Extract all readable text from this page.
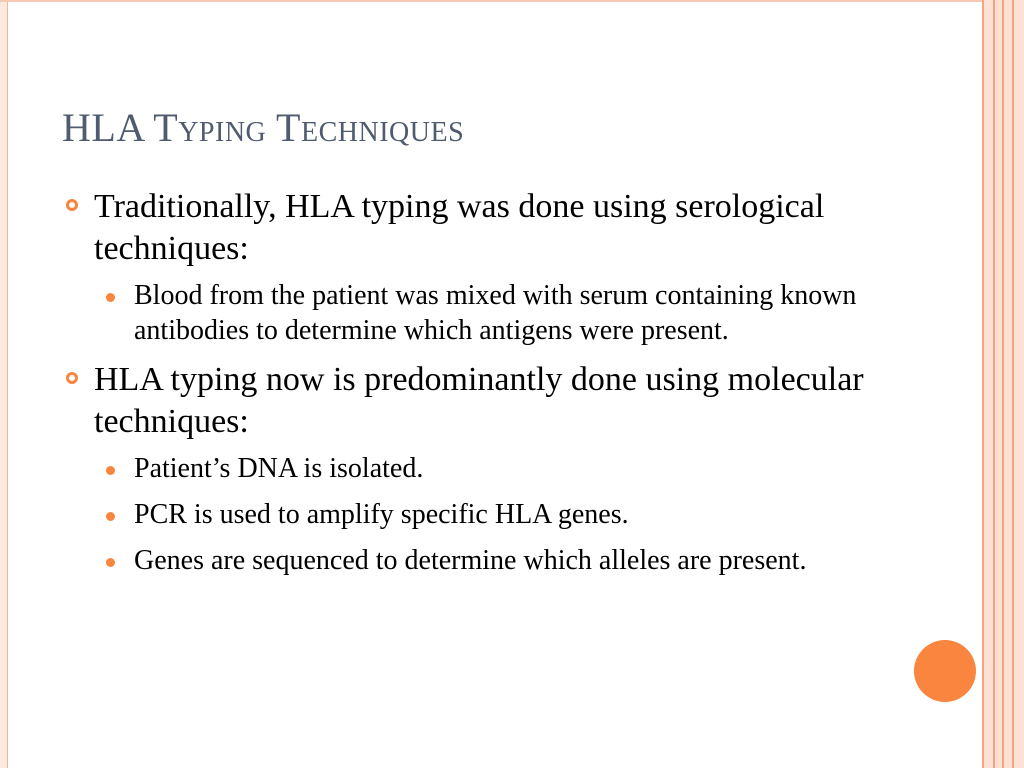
HLA Typing Techniques
Traditionally, HLA typing was done using serological techniques:
Blood from the patient was mixed with serum containing known antibodies to determine which antigens were present.
HLA typing now is predominantly done using molecular techniques:
Patient’s DNA is isolated.
PCR is used to amplify specific HLA genes.
Genes are sequenced to determine which alleles are present.
